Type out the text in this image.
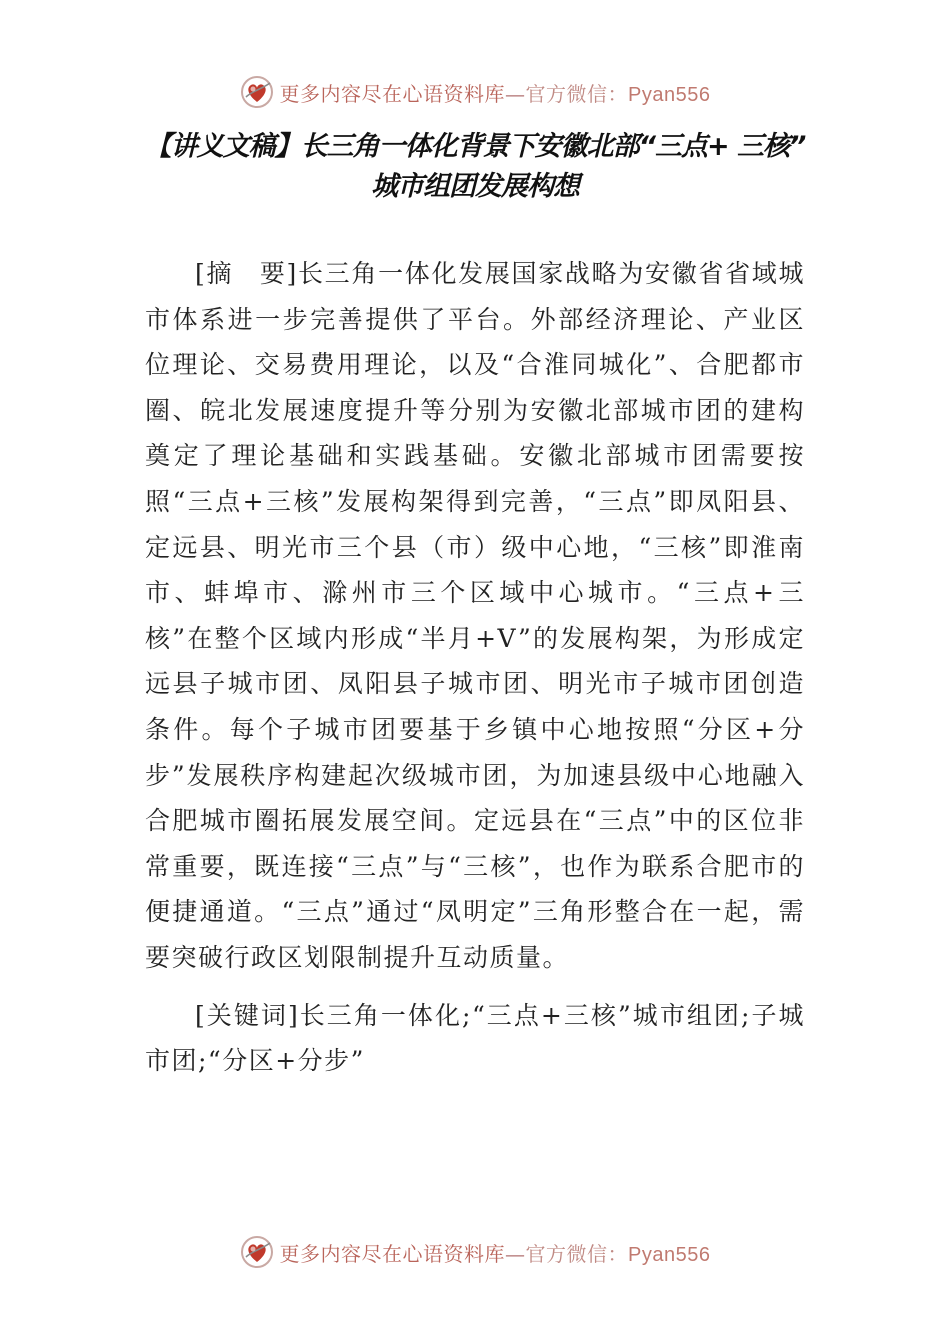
更多内容尽在心语资料库—官方微信：Pyan556
【讲义文稿】长三角一体化背景下安徽北部“三点+ 三核”
城市组团发展构想

[摘　要]长三角一体化发展国家战略为安徽省省域城市体系进一步完善提供了平台。外部经济理论、产业区位理论、交易费用理论，以及“合淮同城化”、合肥都市圈、皖北发展速度提升等分别为安徽北部城市团的建构奠定了理论基础和实践基础。安徽北部城市团需要按照“三点+三核”发展构架得到完善，“三点”即凤阳县、定远县、明光市三个县（市）级中心地，“三核”即淮南市、蚌埠市、滁州市三个区域中心城市。“三点+三核”在整个区域内形成“半月+V”的发展构架，为形成定远县子城市团、凤阳县子城市团、明光市子城市团创造条件。每个子城市团要基于乡镇中心地按照“分区+分步”发展秩序构建起次级城市团，为加速县级中心地融入合肥城市圈拓展发展空间。定远县在“三点”中的区位非常重要，既连接“三点”与“三核”，也作为联系合肥市的便捷通道。“三点”通过“凤明定”三角形整合在一起，需要突破行政区划限制提升互动质量。

[关键词]长三角一体化;“三点+三核”城市组团;子城市团;“分区+分步”

更多内容尽在心语资料库—官方微信：Pyan556
